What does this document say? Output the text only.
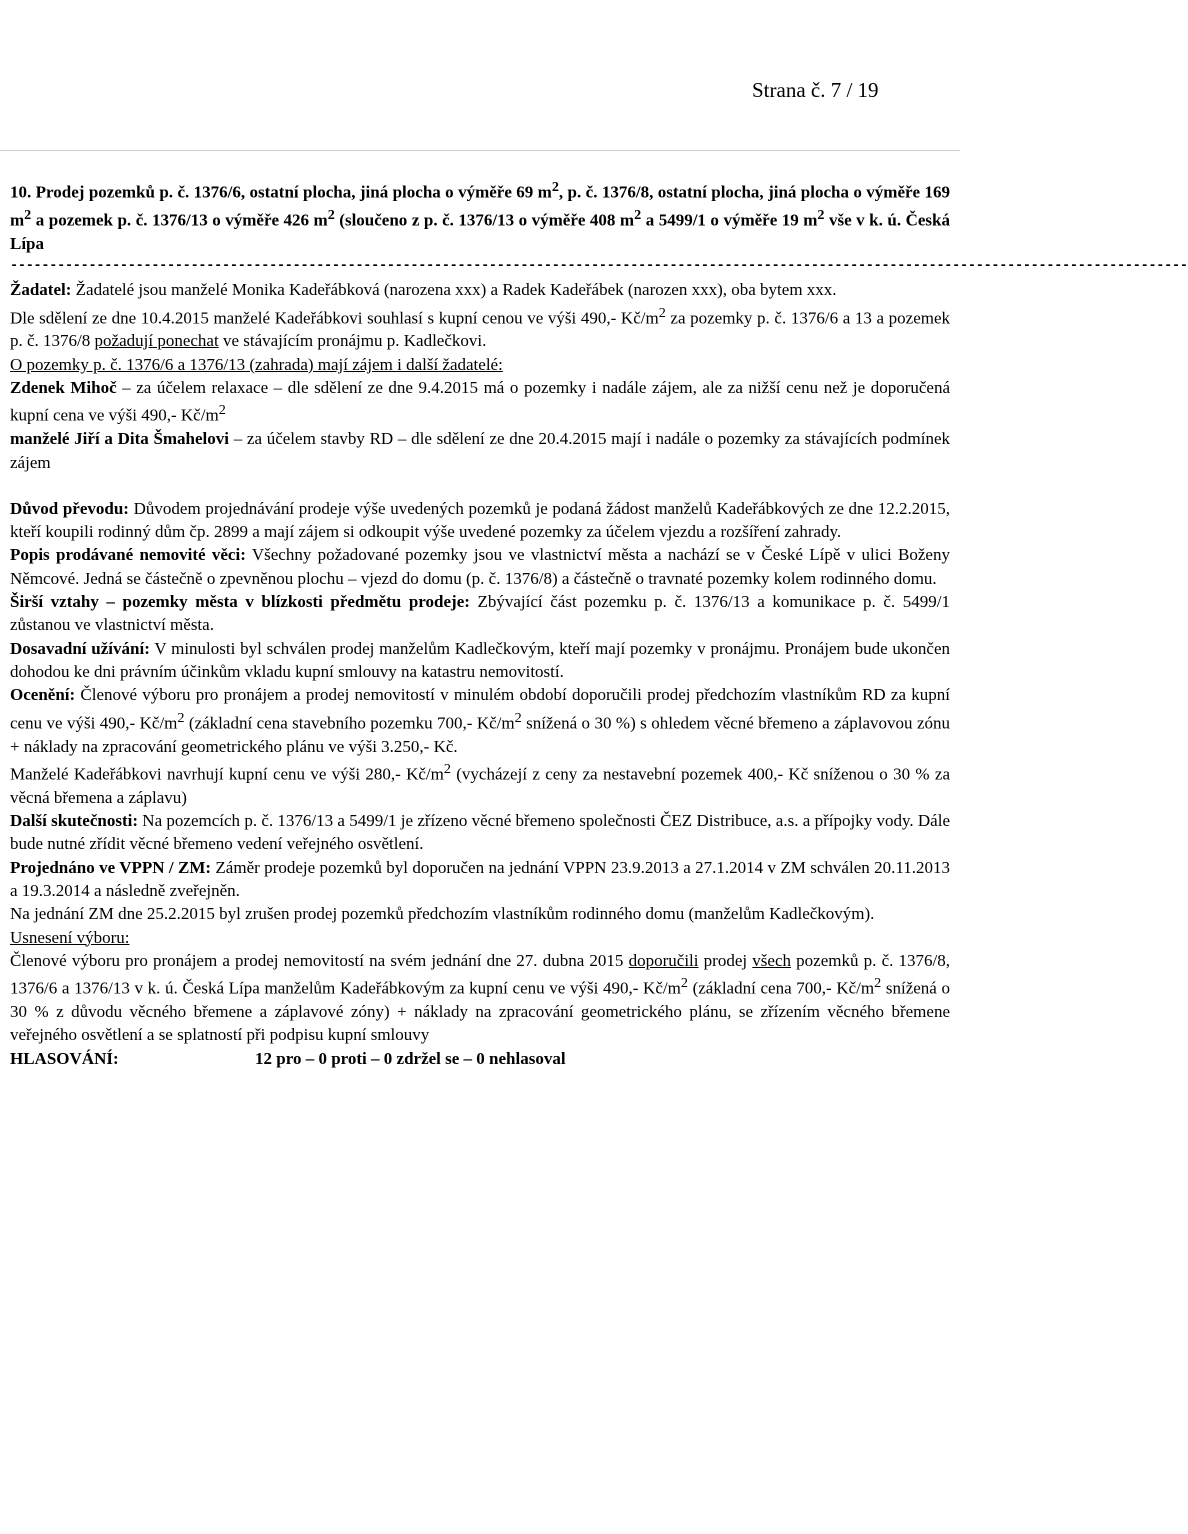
Město
Česká Lípa
Zápis z 4. jednání výboru pro pronájem a prodej
nemovitostí Zastupitelstva města Česká Lípa,
které se konalo 27.4.2015 od 16:00 hodin
v zasedací místnosti RM
Strana č. 7 / 19

10. Prodej pozemků p. č. 1376/6, ostatní plocha, jiná plocha o výměře 69 $m^2$, p. č. 1376/8, ostatní plocha, jiná plocha o výměře 169 $m^2$ a pozemek p. č. 1376/13 o výměře 426 $m^2$ (sloučeno z p. č. 1376/13 o výměře 408 $m^2$ a 5499/1 o výměře 19 $m^2$ vše v k. ú. Česká Lípa

------------------------------------------------------------------------------------------------------------------------------------------------------

Žadatel: Žadatelé jsou manželé Monika Kadeřábková (narozena xxx) a Radek Kadeřábek (narozen xxx), oba bytem xxx.

Dle sdělení ze dne 10.4.2015 manželé Kadeřábkovi souhlasí s kupní cenou ve výši 490,- $Kč/m^2$ za pozemky p. č. 1376/6 a 13 a pozemek p. č. 1376/8 požadují ponechat ve stávajícím pronájmu p. Kadlečkovi.

O pozemky p. č. 1376/6 a 1376/13 (zahrada) mají zájem i další žadatelé:

Zdenek Mihoč – za účelem relaxace – dle sdělení ze dne 9.4.2015 má o pozemky i nadále zájem, ale za nižší cenu než je doporučená kupní cena ve výši 490,- $Kč/m^2$

manželé Jiří a Dita Šmahelovi – za účelem stavby RD – dle sdělení ze dne 20.4.2015 mají i nadále o pozemky za stávajících podmínek zájem

Důvod převodu: Důvodem projednávání prodeje výše uvedených pozemků je podaná žádost manželů Kadeřábkových ze dne 12.2.2015, kteří koupili rodinný dům čp. 2899 a mají zájem si odkoupit výše uvedené pozemky za účelem vjezdu a rozšíření zahrady.

Popis prodávané nemovité věci: Všechny požadované pozemky jsou ve vlastnictví města a nachází se v České Lípě v ulici Boženy Němcové. Jedná se částečně o zpevněnou plochu – vjezd do domu (p. č. 1376/8) a částečně o travnaté pozemky kolem rodinného domu.

Širší vztahy – pozemky města v blízkosti předmětu prodeje: Zbývající část pozemku p. č. 1376/13 a komunikace p. č. 5499/1 zůstanou ve vlastnictví města.

Dosavadní užívání: V minulosti byl schválen prodej manželům Kadlečkovým, kteří mají pozemky v pronájmu. Pronájem bude ukončen dohodou ke dni právním účinkům vkladu kupní smlouvy na katastru nemovitostí.

Ocenění: Členové výboru pro pronájem a prodej nemovitostí v minulém období doporučili prodej předchozím vlastníkům RD za kupní cenu ve výši 490,- $Kč/m^2$ (základní cena stavebního pozemku 700,- $Kč/m^2$ snížená o 30 %) s ohledem věcné břemeno a záplavovou zónu + náklady na zpracování geometrického plánu ve výši 3.250,- Kč.

Manželé Kadeřábkovi navrhují kupní cenu ve výši 280,- $Kč/m^2$ (vycházejí z ceny za nestavební pozemek 400,- Kč sníženou o 30 % za věcná břemena a záplavu)

Další skutečnosti: Na pozemcích p. č. 1376/13 a 5499/1 je zřízeno věcné břemeno společnosti ČEZ Distribuce, a.s. a přípojky vody. Dále bude nutné zřídit věcné břemeno vedení veřejného osvětlení.

Projednáno ve VPPN / ZM: Záměr prodeje pozemků byl doporučen na jednání VPPN 23.9.2013 a 27.1.2014 v ZM schválen 20.11.2013 a 19.3.2014 a následně zveřejněn.

Na jednání ZM dne 25.2.2015 byl zrušen prodej pozemků předchozím vlastníkům rodinného domu (manželům Kadlečkovým).

Usnesení výboru:

Členové výboru pro pronájem a prodej nemovitostí na svém jednání dne 27. dubna 2015 doporučili prodej všech pozemků p. č. 1376/8, 1376/6 a 1376/13 v k. ú. Česká Lípa manželům Kadeřábkovým za kupní cenu ve výši 490,- $Kč/m^2$ (základní cena 700,- $Kč/m^2$ snížená o 30 % z důvodu věcného břemene a záplavové zóny) + náklady na zpracování geometrického plánu, se zřízením věcného břemene veřejného osvětlení a se splatností při podpisu kupní smlouvy

HLASOVÁNÍ:	12 pro – 0 proti – 0 zdržel se – 0 nehlasoval
